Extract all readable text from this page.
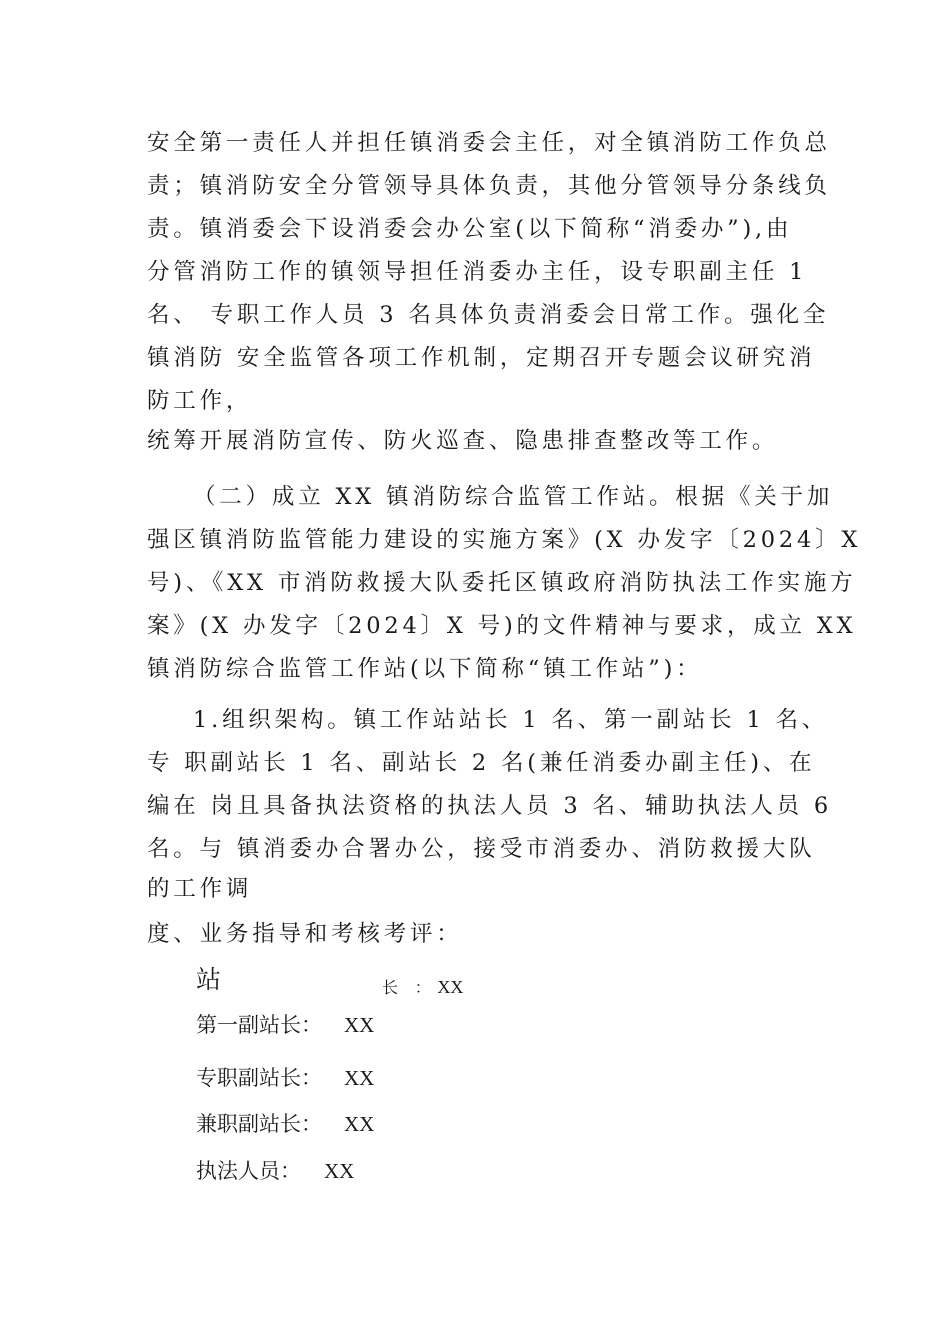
安全第一责任人并担任镇消委会主任，对全镇消防工作负总
责；镇消防安全分管领导具体负责，其他分管领导分条线负
责。镇消委会下设消委会办公室(以下简称“消委办”),由
分管消防工作的镇领导担任消委办主任，设专职副主任 1
名、 专职工作人员 3 名具体负责消委会日常工作。强化全
镇消防 安全监管各项工作机制，定期召开专题会议研究消
防工作，
统筹开展消防宣传、防火巡查、隐患排查整改等工作。
（二）成立 XX 镇消防综合监管工作站。根据《关于加
强区镇消防监管能力建设的实施方案》(X 办发字〔2024〕X
号)、《XX 市消防救援大队委托区镇政府消防执法工作实施方
案》(X 办发字〔2024〕X 号)的文件精神与要求，成立 XX
镇消防综合监管工作站(以下简称“镇工作站”)：
1.组织架构。镇工作站站长 1 名、第一副站长 1 名、
专 职副站长 1 名、副站长 2 名(兼任消委办副主任)、在
编在 岗且具备执法资格的执法人员 3 名、辅助执法人员 6
名。与 镇消委办合署办公，接受市消委办、消防救援大队
的工作调
度、业务指导和考核考评：
站	长 ： XX
第一副站长： XX
专职副站长： XX
兼职副站长： XX
执法人员： XX
